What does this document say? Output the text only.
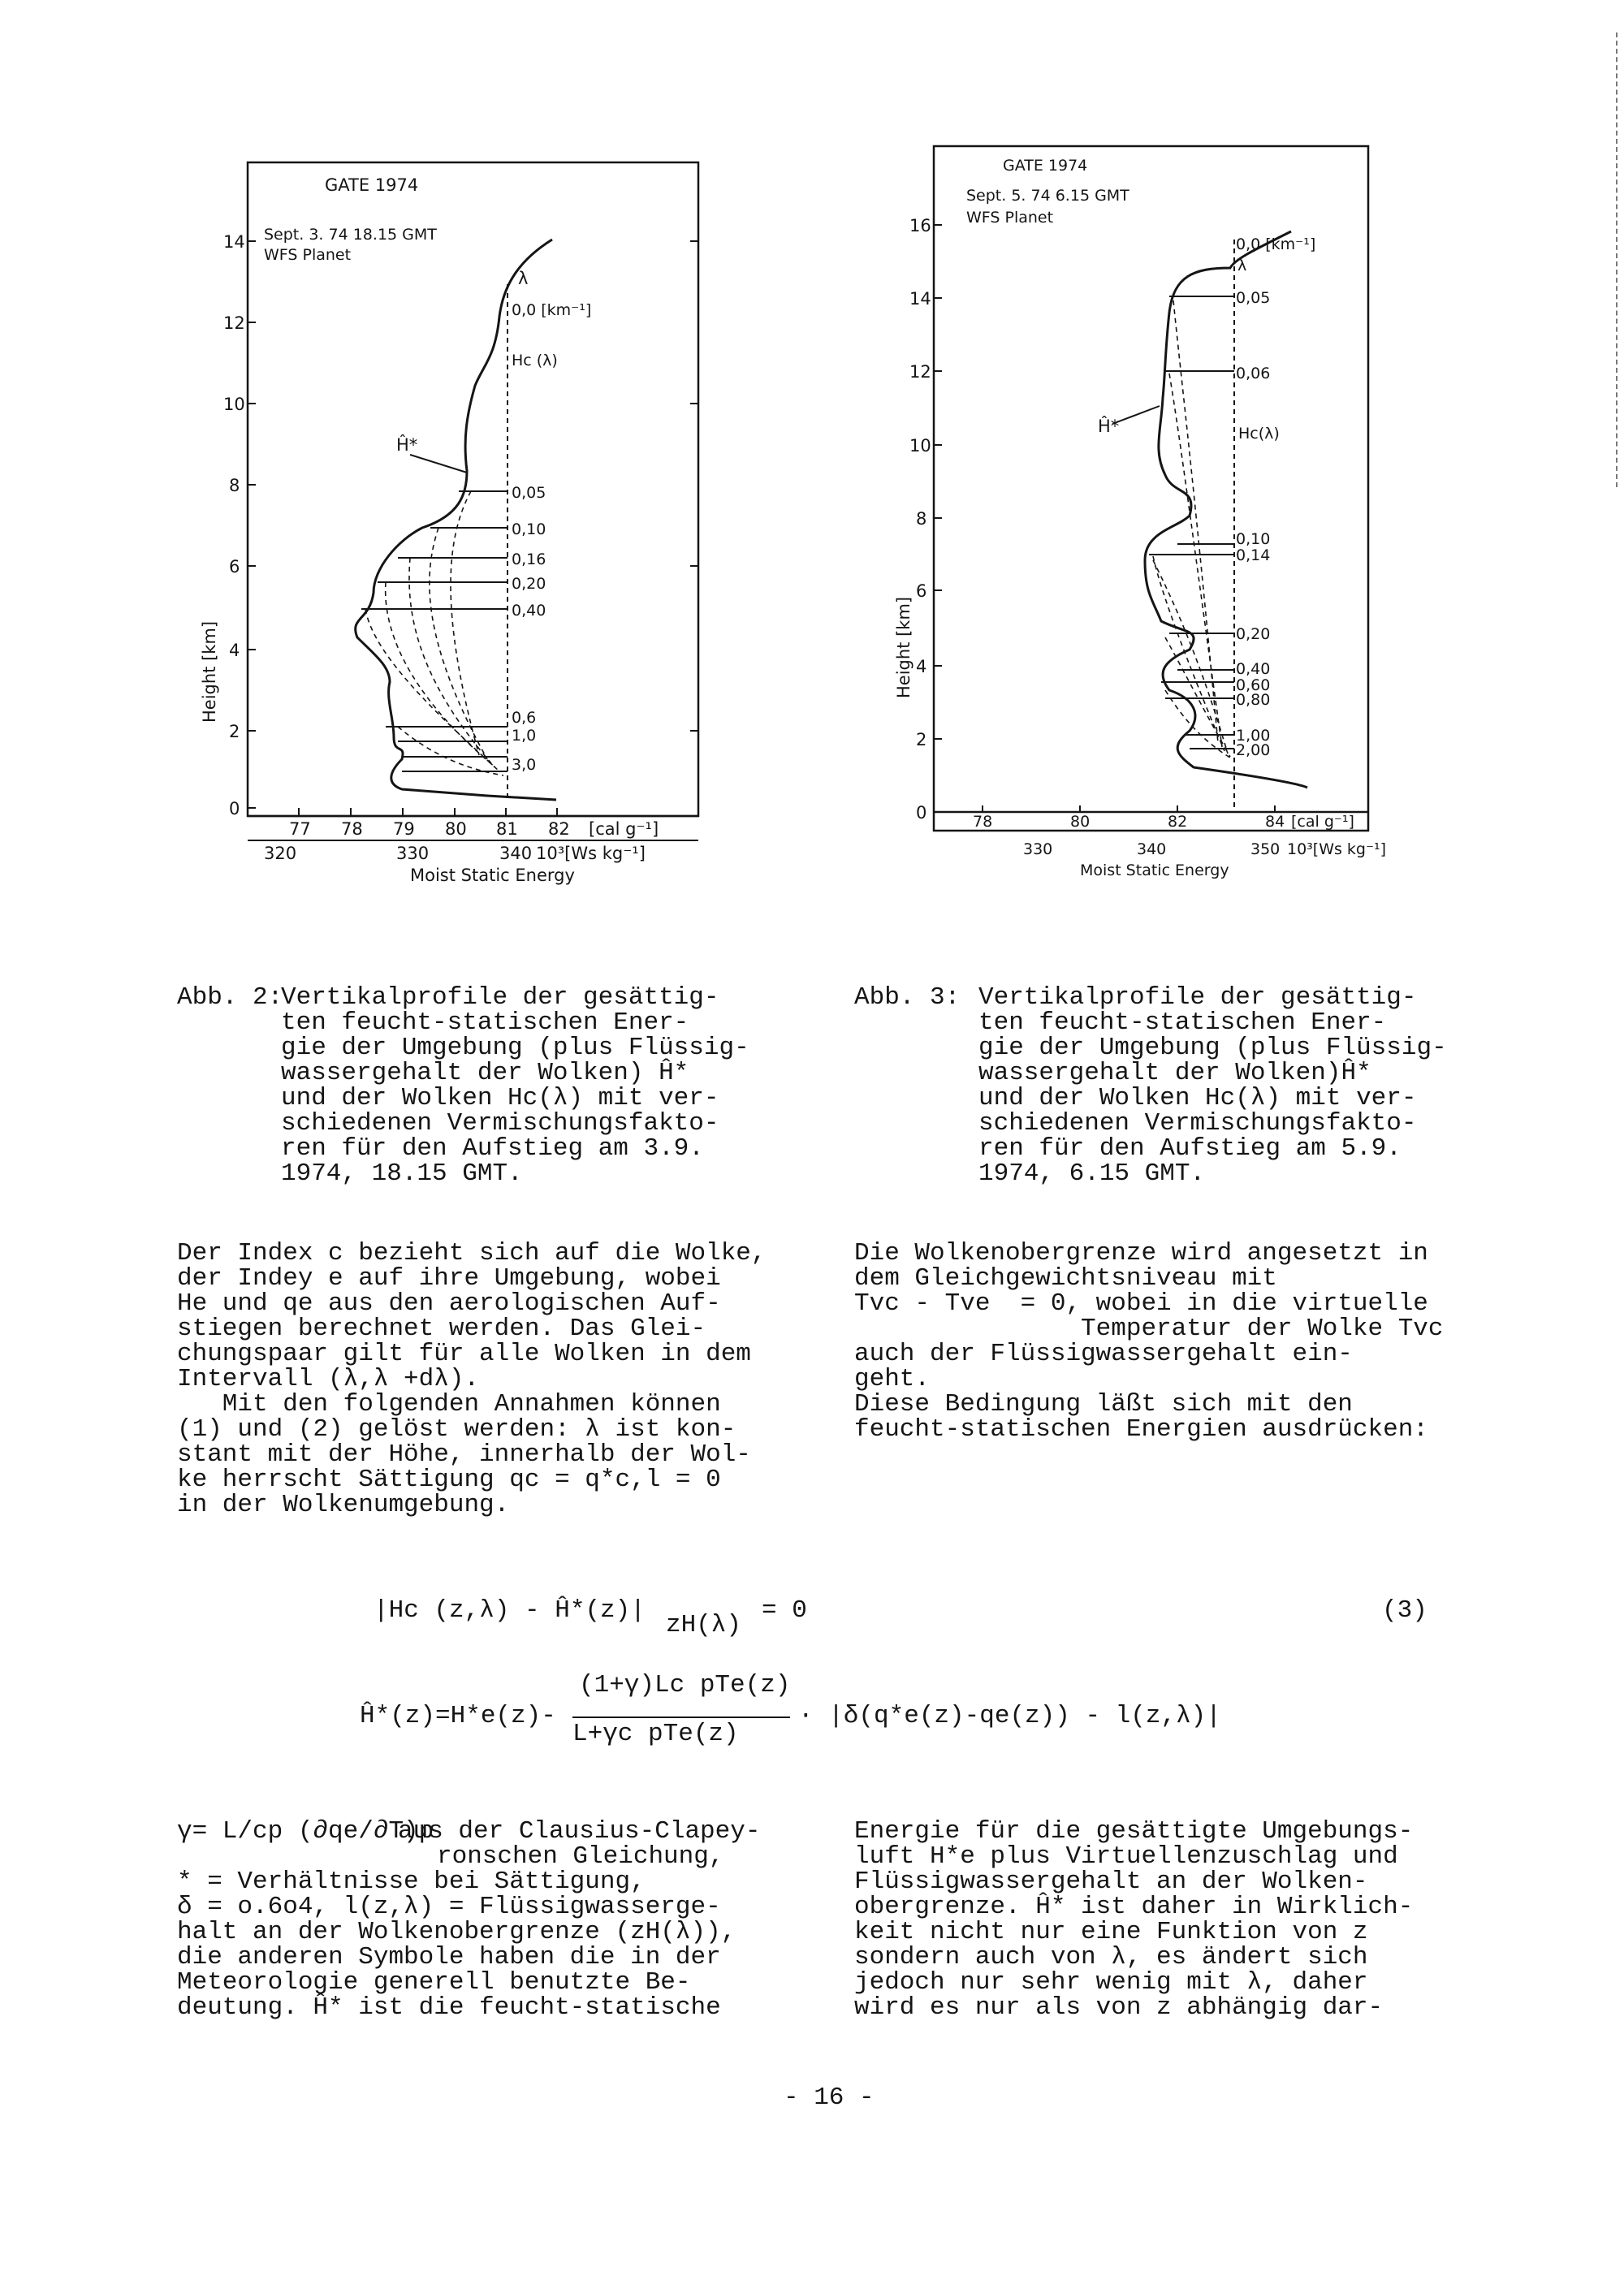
0
2
4
6
8
10
12
14
Height [km]
GATE 1974
Sept. 3. 74 18.15 GMT
WFS Planet
λ
0,0 [km⁻¹]
Hc (λ)
Ĥ*
0,05
0,10
0,16
0,20
0,40
0,6
1,0
3,0
77 78 79 80 81 82 [cal g⁻¹]
320	330	340 10³[Ws kg⁻¹]
Moist Static Energy
0
2
4
6
8
10
12
14
16
Height [km]
GATE 1974
Sept. 5. 74 6.15 GMT
WFS Planet
0,0 [km⁻¹]
λ
Hc(λ)
Ĥ*
0,05
0,06
0,10
0,14
0,20
0,40
0,60
0,80
1,00
2,00
78	80	82	84 [cal g⁻¹]
330	340	350 10³[Ws kg⁻¹]
Moist Static Energy
Abb. 2:
Vertikalprofile der gesättig-
ten feucht-statischen Ener-
gie der Umgebung (plus Flüssig-
wassergehalt der Wolken) Ĥ*
und der Wolken Hc(λ) mit ver-
schiedenen Vermischungsfakto-
ren für den Aufstieg am 3.9.
1974, 18.15 GMT.
Abb. 3: Vertikalprofile der gesättig-
ten feucht-statischen Ener-
gie der Umgebung (plus Flüssig-
wassergehalt der Wolken)Ĥ*
und der Wolken Hc(λ) mit ver-
schiedenen Vermischungsfakto-
ren für den Aufstieg am 5.9.
1974, 6.15 GMT.
Der Index c bezieht sich auf die Wolke,
der Indey e auf ihre Umgebung, wobei
He und qe aus den aerologischen Auf-
stiegen berechnet werden. Das Glei-
chungspaar gilt für alle Wolken in dem
Intervall (λ,λ +dλ).
Mit den folgenden Annahmen können
(1) und (2) gelöst werden: λ ist kon-
stant mit der Höhe, innerhalb der Wol-
ke herrscht Sättigung qc = q*c,l = 0
in der Wolkenumgebung.
Die Wolkenobergrenze wird angesetzt in
dem Gleichgewichtsniveau mit
Tvc - Tve  = 0, wobei in die virtuelle
Temperatur der Wolke Tvc
auch der Flüssigwassergehalt ein-
geht.
Diese Bedingung läßt sich mit den
feucht-statischen Energien ausdrücken:
|Hc (z,λ) - Ĥ*(z)|
zH(λ)
= 0	(3)
Ĥ*(z)=H*e(z)-
(1+γ)Lc pTe(z)
L+γc pTe(z)
· |δ(q*e(z)-qe(z)) - l(z,λ)|
γ= L/cp (∂qe/∂T)p
aus der Clausius-Clapey-
ronschen Gleichung,
* = Verhältnisse bei Sättigung,
δ = o.6o4, l(z,λ) = Flüssigwasserge-
halt an der Wolkenobergrenze (zH(λ)),
die anderen Symbole haben die in der
Meteorologie generell benutzte Be-
deutung. Ĥ* ist die feucht-statische
Energie für die gesättigte Umgebungs-
luft H*e plus Virtuellenzuschlag und
Flüssigwassergehalt an der Wolken-
obergrenze. Ĥ* ist daher in Wirklich-
keit nicht nur eine Funktion von z
sondern auch von λ, es ändert sich
jedoch nur sehr wenig mit λ, daher
wird es nur als von z abhängig dar-
- 16 -
